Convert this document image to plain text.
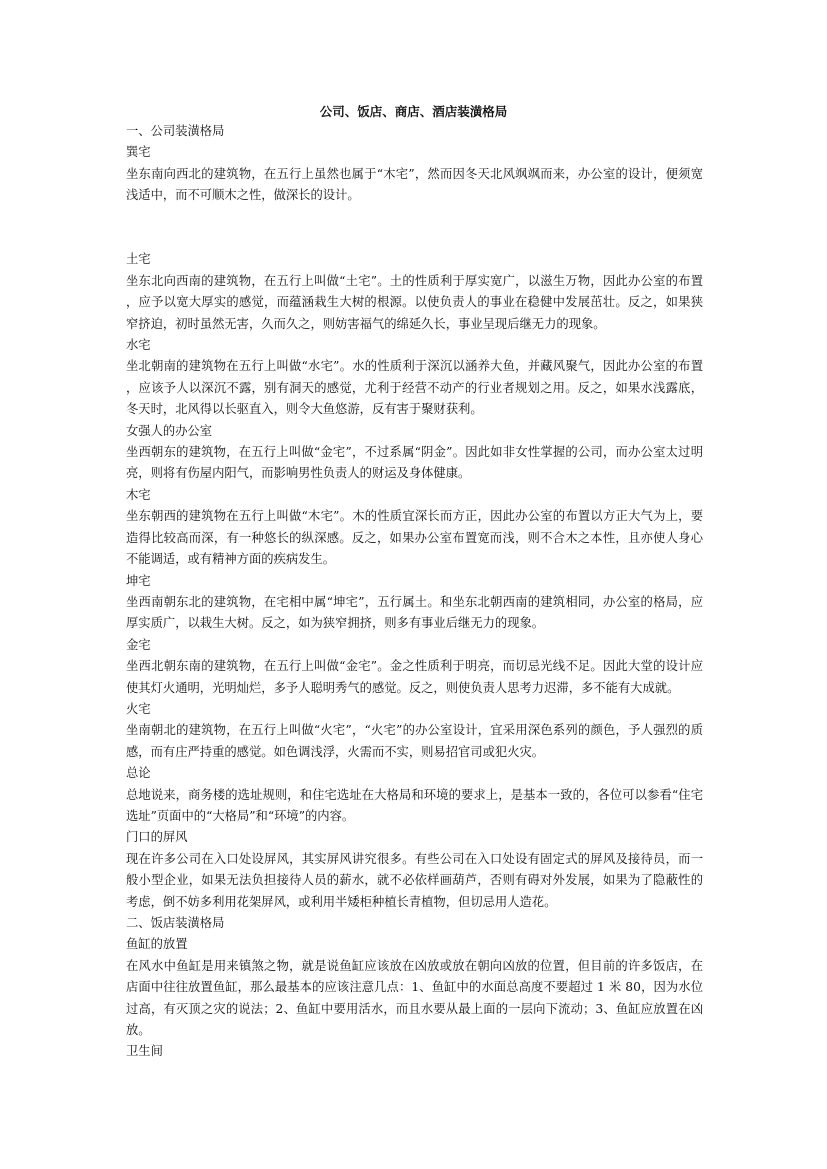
公司、饭店、商店、酒店装潢格局

一、公司装潢格局

巽宅

坐东南向西北的建筑物，在五行上虽然也属于“木宅”，然而因冬天北风飒飒而来，办公室的设计，便须宽浅适中，而不可顺木之性，做深长的设计。

土宅

坐东北向西南的建筑物，在五行上叫做“土宅”。土的性质利于厚实宽广，以滋生万物，因此办公室的布置，应予以宽大厚实的感觉，而蕴涵栽生大树的根源。以使负责人的事业在稳健中发展茁壮。反之，如果狭窄挤迫，初时虽然无害，久而久之，则妨害福气的绵延久长，事业呈现后继无力的现象。

水宅

坐北朝南的建筑物在五行上叫做“水宅”。水的性质利于深沉以涵养大鱼，并藏风聚气，因此办公室的布置，应该予人以深沉不露，别有洞天的感觉，尤利于经营不动产的行业者规划之用。反之，如果水浅露底，冬天时，北风得以长驱直入，则令大鱼悠游，反有害于聚财获利。

女强人的办公室

坐西朝东的建筑物，在五行上叫做“金宅”，不过系属“阴金”。因此如非女性掌握的公司，而办公室太过明亮，则将有伤屋内阳气，而影响男性负责人的财运及身体健康。

木宅

坐东朝西的建筑物在五行上叫做“木宅”。木的性质宜深长而方正，因此办公室的布置以方正大气为上，要造得比较高而深，有一种悠长的纵深感。反之，如果办公室布置宽而浅，则不合木之本性，且亦使人身心不能调适，或有精神方面的疾病发生。

坤宅

坐西南朝东北的建筑物，在宅相中属“坤宅”，五行属土。和坐东北朝西南的建筑相同，办公室的格局，应厚实质广，以栽生大树。反之，如为狭窄拥挤，则多有事业后继无力的现象。

金宅

坐西北朝东南的建筑物，在五行上叫做“金宅”。金之性质利于明亮，而切忌光线不足。因此大堂的设计应使其灯火通明，光明灿烂，多予人聪明秀气的感觉。反之，则使负责人思考力迟滞，多不能有大成就。

火宅

坐南朝北的建筑物，在五行上叫做“火宅”，“火宅”的办公室设计，宜采用深色系列的颜色，予人强烈的质感，而有庄严持重的感觉。如色调浅浮，火需而不实，则易招官司或犯火灾。

总论

总地说来，商务楼的选址规则，和住宅选址在大格局和环境的要求上，是基本一致的，各位可以参看“住宅选址”页面中的“大格局”和“环境”的内容。

门口的屏风

现在许多公司在入口处设屏风，其实屏风讲究很多。有些公司在入口处设有固定式的屏风及接待员，而一般小型企业，如果无法负担接待人员的薪水，就不必依样画葫芦，否则有碍对外发展，如果为了隐蔽性的考虑，倒不妨多利用花架屏风，或利用半矮柜种植长青植物，但切忌用人造花。

二、饭店装潢格局

鱼缸的放置

在风水中鱼缸是用来镇煞之物，就是说鱼缸应该放在凶放或放在朝向凶放的位置，但目前的许多饭店，在店面中往往放置鱼缸，那么最基本的应该注意几点：1、鱼缸中的水面总高度不要超过 1 米 80，因为水位过高，有灭顶之灾的说法；2、鱼缸中要用活水，而且水要从最上面的一层向下流动；3、鱼缸应放置在凶放。

卫生间
